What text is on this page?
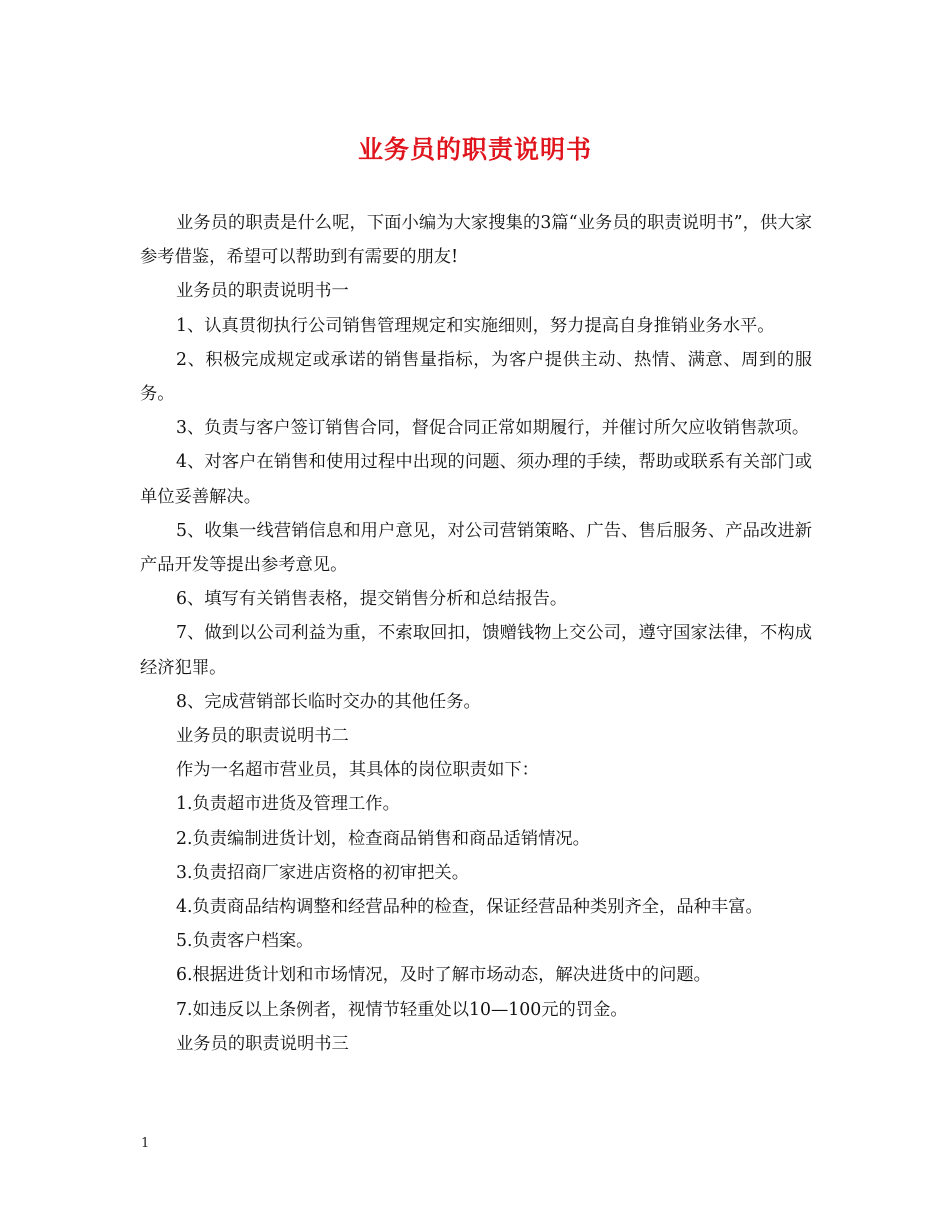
业务员的职责说明书

业务员的职责是什么呢，下面小编为大家搜集的3篇“业务员的职责说明书”，供大家参考借鉴，希望可以帮助到有需要的朋友!

业务员的职责说明书一

1、认真贯彻执行公司销售管理规定和实施细则，努力提高自身推销业务水平。

2、积极完成规定或承诺的销售量指标，为客户提供主动、热情、满意、周到的服务。

3、负责与客户签订销售合同，督促合同正常如期履行，并催讨所欠应收销售款项。

4、对客户在销售和使用过程中出现的问题、须办理的手续，帮助或联系有关部门或单位妥善解决。

5、收集一线营销信息和用户意见，对公司营销策略、广告、售后服务、产品改进新产品开发等提出参考意见。

6、填写有关销售表格，提交销售分析和总结报告。

7、做到以公司利益为重，不索取回扣，馈赠钱物上交公司，遵守国家法律，不构成经济犯罪。

8、完成营销部长临时交办的其他任务。

业务员的职责说明书二

作为一名超市营业员，其具体的岗位职责如下：

1.负责超市进货及管理工作。

2.负责编制进货计划，检查商品销售和商品适销情况。

3.负责招商厂家进店资格的初审把关。

4.负责商品结构调整和经营品种的检查，保证经营品种类别齐全，品种丰富。

5.负责客户档案。

6.根据进货计划和市场情况，及时了解市场动态，解决进货中的问题。

7.如违反以上条例者，视情节轻重处以10—100元的罚金。

业务员的职责说明书三

1
